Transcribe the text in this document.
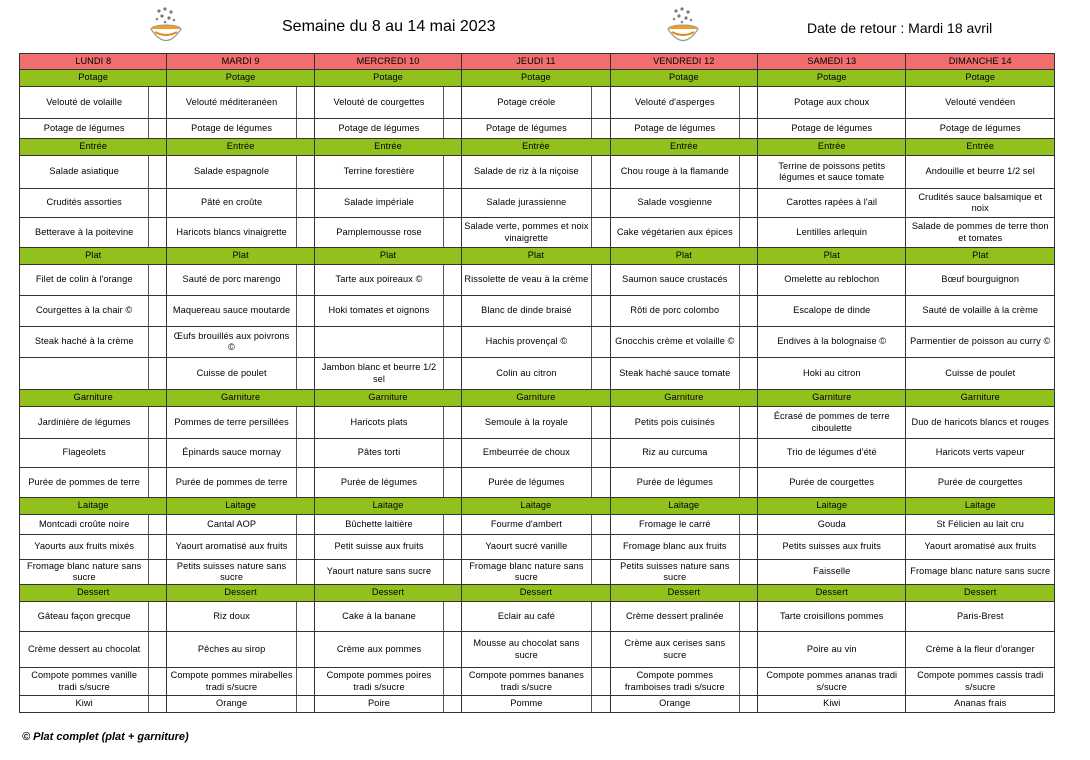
Semaine du 8 au 14 mai 2023	Date de retour : Mardi 18 avril
LUNDI 8		MARDI 9		MERCREDI 10		JEUDI 11		VENDREDI 12		SAMEDI 13	DIMANCHE 14
Potage		Potage		Potage		Potage		Potage		Potage	Potage
Velouté de volaille		Velouté méditeranéen		Velouté de courgettes		Potage créole		Velouté d'asperges		Potage aux choux	Velouté vendéen
Potage de légumes		Potage de légumes		Potage de légumes		Potage de légumes		Potage de légumes		Potage de légumes	Potage de légumes
Entrée		Entrée		Entrée		Entrée		Entrée		Entrée	Entrée
Salade asiatique		Salade espagnole		Terrine forestière		Salade de riz à la niçoise		Chou rouge à la flamande		Terrine de poissons petits légumes et sauce tomate	Andouille et beurre 1/2 sel
Crudités assorties		Pâté en croûte		Salade impériale		Salade jurassienne		Salade vosgienne		Carottes rapées à l'ail	Crudités sauce balsamique et noix
Betterave à la poitevine		Haricots blancs vinaigrette		Pamplemousse rose		Salade verte, pommes et noix vinaigrette		Cake végétarien aux épices		Lentilles arlequin	Salade de pommes de terre thon et tomates
Plat		Plat		Plat		Plat		Plat		Plat	Plat
Filet de colin à l'orange		Sauté de porc marengo		Tarte aux poireaux ©		Rissolette de veau à la crème		Saumon sauce crustacés		Omelette au reblochon	Bœuf bourguignon
Courgettes à la chair ©		Maquereau sauce moutarde		Hoki tomates et oignons		Blanc de dinde braisé		Rôti de porc colombo		Escalope de dinde	Sauté de volaille à la crème
Steak haché à la crème		Œufs brouillés aux poivrons ©				Hachis provençal ©		Gnocchis crème et volaille ©		Endives à la bolognaise ©	Parmentier de poisson au curry ©
		Cuisse de poulet		Jambon blanc et beurre 1/2 sel		Colin au citron		Steak haché sauce tomate		Hoki au citron	Cuisse de poulet
Garniture		Garniture		Garniture		Garniture		Garniture		Garniture	Garniture
Jardinière de légumes		Pommes de terre persillées		Haricots plats		Semoule à la royale		Petits pois cuisinés		Écrasé de pommes de terre ciboulette	Duo de haricots blancs et rouges
Flageolets		Épinards sauce mornay		Pâtes torti		Embeurrée de choux		Riz au curcuma		Trio de légumes d'été	Haricots verts vapeur
Purée de pommes de terre		Purée de pommes de terre		Purée de légumes		Purée de légumes		Purée de légumes		Purée de courgettes	Purée de courgettes
Laitage		Laitage		Laitage		Laitage		Laitage		Laitage	Laitage
Montcadi croûte noire		Cantal AOP		Bûchette laitière		Fourme d'ambert		Fromage le carré		Gouda	St Félicien au lait cru
Yaourts aux fruits mixés		Yaourt aromatisé aux fruits		Petit suisse aux fruits		Yaourt sucré vanille		Fromage blanc aux fruits		Petits suisses aux fruits	Yaourt aromatisé aux fruits
Fromage blanc nature sans sucre		Petits suisses nature sans sucre		Yaourt nature sans sucre		Fromage blanc nature sans sucre		Petits suisses nature sans sucre		Faisselle	Fromage blanc nature sans sucre
Dessert		Dessert		Dessert		Dessert		Dessert		Dessert	Dessert
Gâteau façon grecque		Riz doux		Cake à la banane		Eclair au café		Crème dessert pralinée		Tarte croisillons pommes	Paris-Brest
Crème dessert au chocolat		Pêches au sirop		Crème aux pommes		Mousse au chocolat sans sucre		Crème aux cerises sans sucre		Poire au vin	Crème à la fleur d'oranger
Compote pommes vanille tradi s/sucre		Compote pommes mirabelles tradi s/sucre		Compote pommes poires tradi s/sucre		Compote pommes bananes tradi s/sucre		Compote pommes framboises tradi s/sucre		Compote pommes ananas tradi s/sucre	Compote pommes cassis tradi s/sucre
Kiwi		Orange		Poire		Pomme		Orange		Kiwi	Ananas frais
© Plat complet (plat + garniture)
